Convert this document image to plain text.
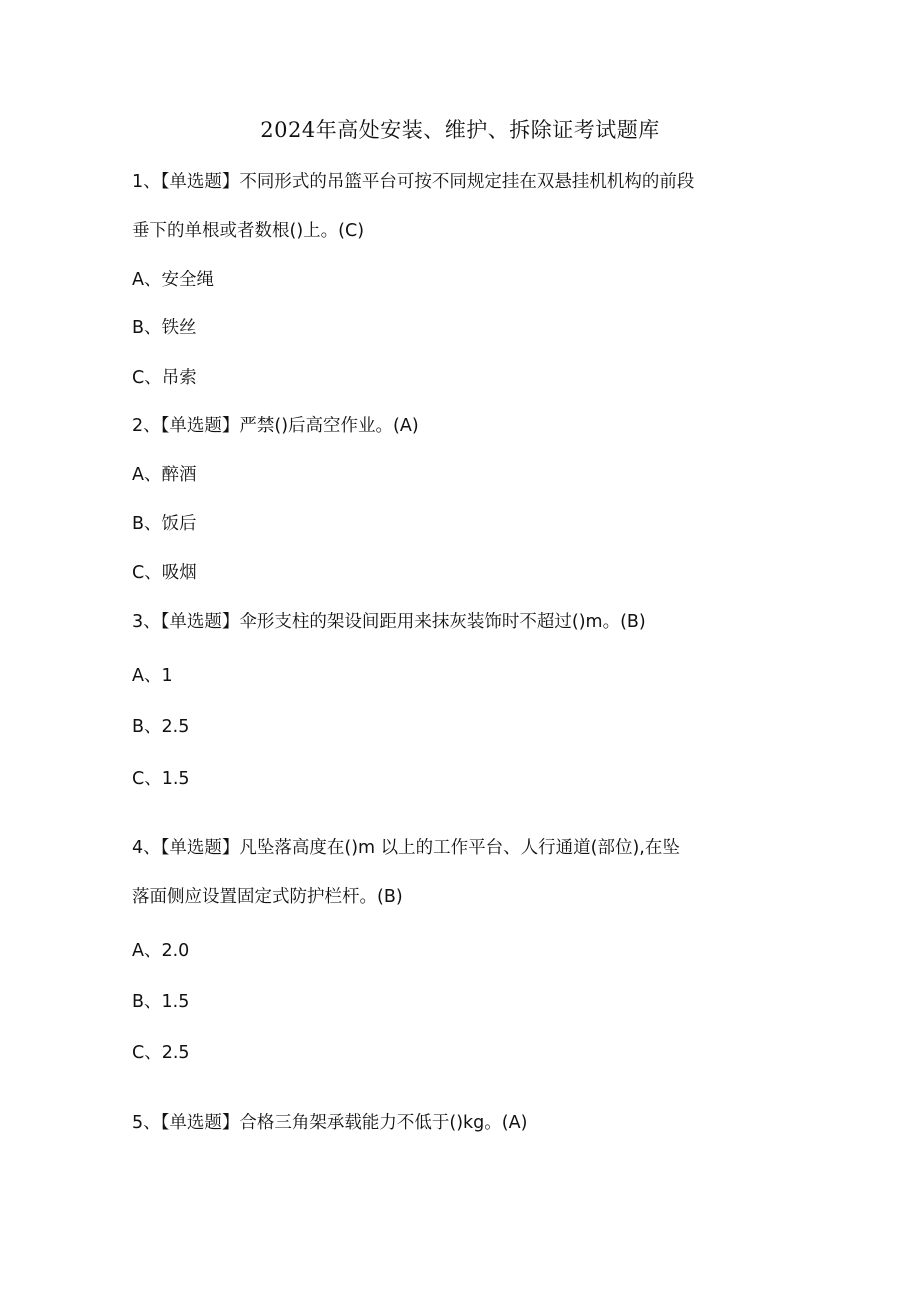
2024年高处安装、维护、拆除证考试题库
1、【单选题】不同形式的吊篮平台可按不同规定挂在双悬挂机机构的前段
垂下的单根或者数根()上。(C)
A、安全绳
B、铁丝
C、吊索
2、【单选题】严禁()后高空作业。(A)
A、醉酒
B、饭后
C、吸烟
3、【单选题】伞形支柱的架设间距用来抹灰装饰时不超过()m。(B)
A、1
B、2.5
C、1.5
4、【单选题】凡坠落高度在()m 以上的工作平台、人行通道(部位),在坠
落面侧应设置固定式防护栏杆。(B)
A、2.0
B、1.5
C、2.5
5、【单选题】合格三角架承载能力不低于()kg。(A)
